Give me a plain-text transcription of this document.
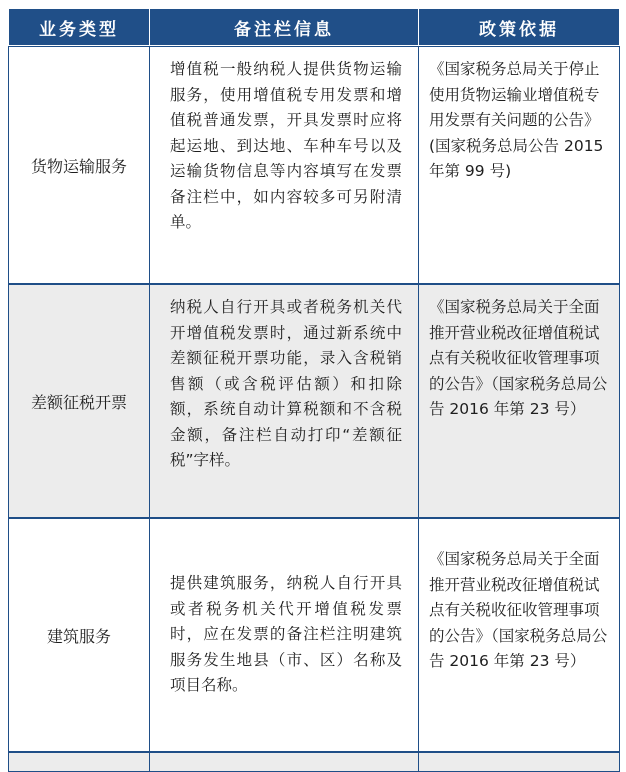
业务类型	备注栏信息	政策依据
货物运输服务
增值税一般纳税人提供货物运输服务，使用增值税专用发票和增值税普通发票，开具发票时应将起运地、到达地、车种车号以及运输货物信息等内容填写在发票备注栏中，如内容较多可另附清单。
《国家税务总局关于停止使用货物运输业增值税专用发票有关问题的公告》(国家税务总局公告 2015 年第 99 号)
差额征税开票
纳税人自行开具或者税务机关代开增值税发票时，通过新系统中差额征税开票功能，录入含税销售额（或含税评估额）和扣除额，系统自动计算税额和不含税金额，备注栏自动打印“差额征税”字样。
《国家税务总局关于全面推开营业税改征增值税试点有关税收征收管理事项的公告》（国家税务总局公告 2016 年第 23 号）
建筑服务
提供建筑服务，纳税人自行开具或者税务机关代开增值税发票时，应在发票的备注栏注明建筑服务发生地县（市、区）名称及项目名称。
《国家税务总局关于全面推开营业税改征增值税试点有关税收征收管理事项的公告》（国家税务总局公告 2016 年第 23 号）
